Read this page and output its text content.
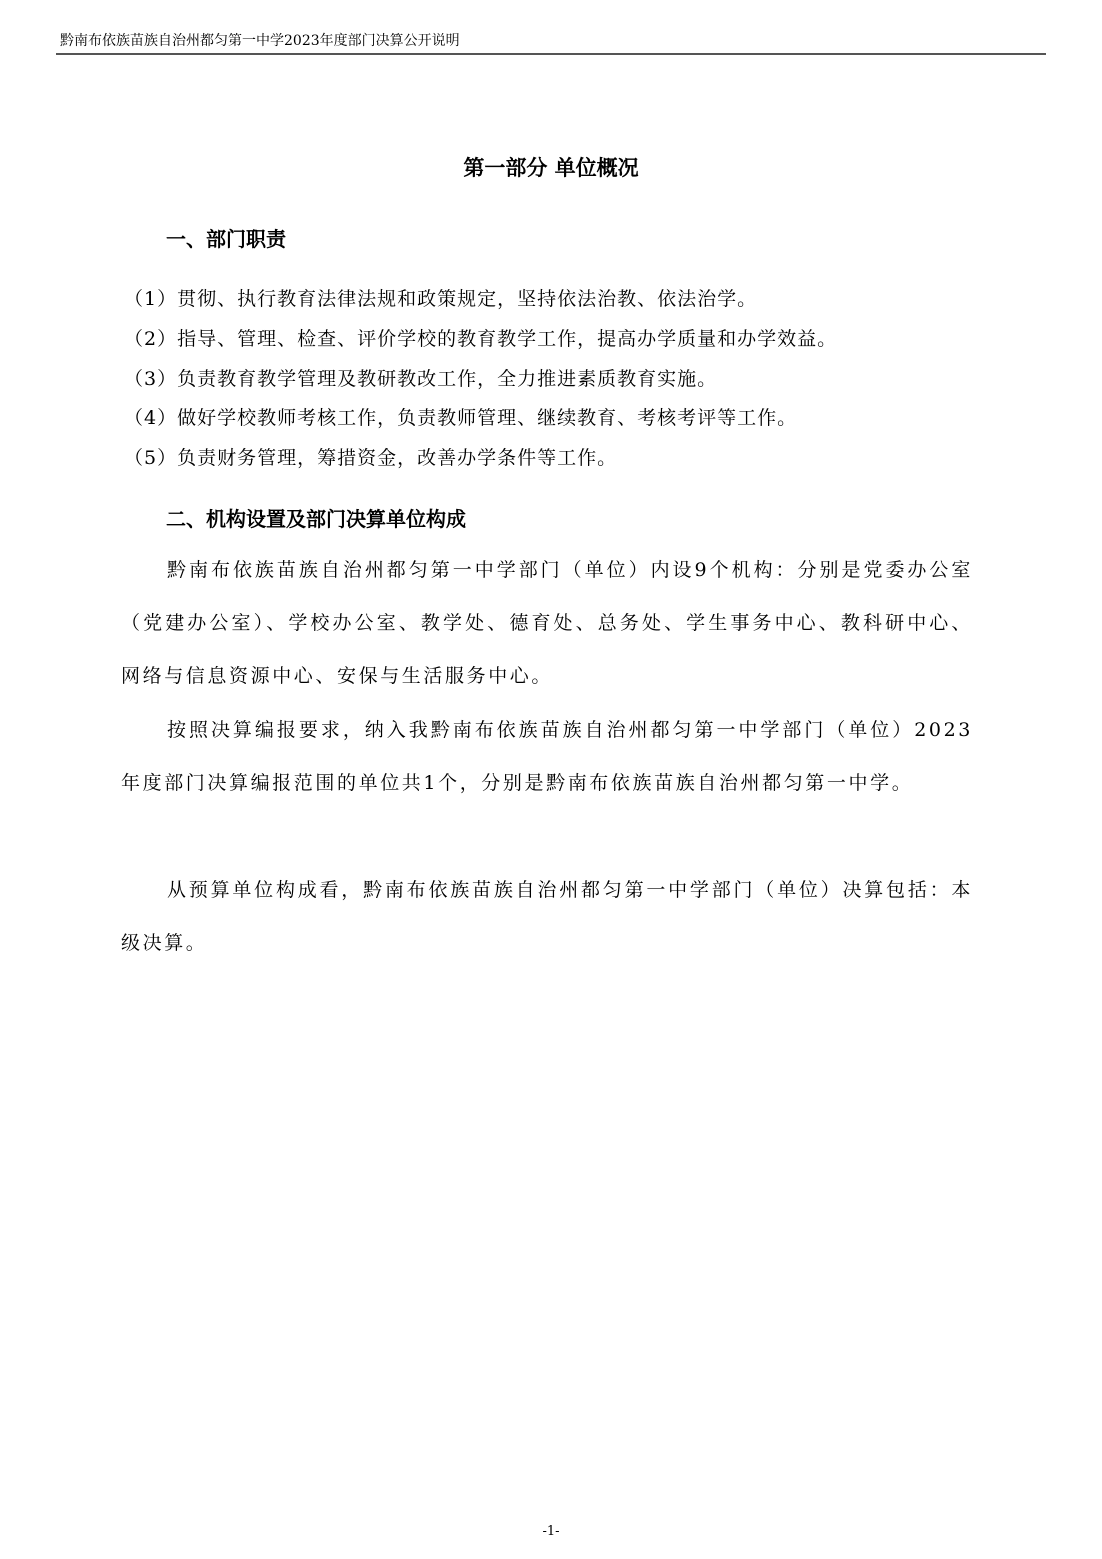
黔南布依族苗族自治州都匀第一中学2023年度部门决算公开说明
第一部分 单位概况
一、部门职责
（1）贯彻、执行教育法律法规和政策规定，坚持依法治教、依法治学。
（2）指导、管理、检查、评价学校的教育教学工作，提高办学质量和办学效益。
（3）负责教育教学管理及教研教改工作，全力推进素质教育实施。
（4）做好学校教师考核工作，负责教师管理、继续教育、考核考评等工作。
（5）负责财务管理，筹措资金，改善办学条件等工作。
二、机构设置及部门决算单位构成
黔南布依族苗族自治州都匀第一中学部门（单位）内设9个机构：分别是党委办公室（党建办公室）、学校办公室、教学处、德育处、总务处、学生事务中心、教科研中心、网络与信息资源中心、安保与生活服务中心。
按照决算编报要求，纳入我黔南布依族苗族自治州都匀第一中学部门（单位）2023年度部门决算编报范围的单位共1个，分别是黔南布依族苗族自治州都匀第一中学。
从预算单位构成看，黔南布依族苗族自治州都匀第一中学部门（单位）决算包括：本级决算。
-1-
